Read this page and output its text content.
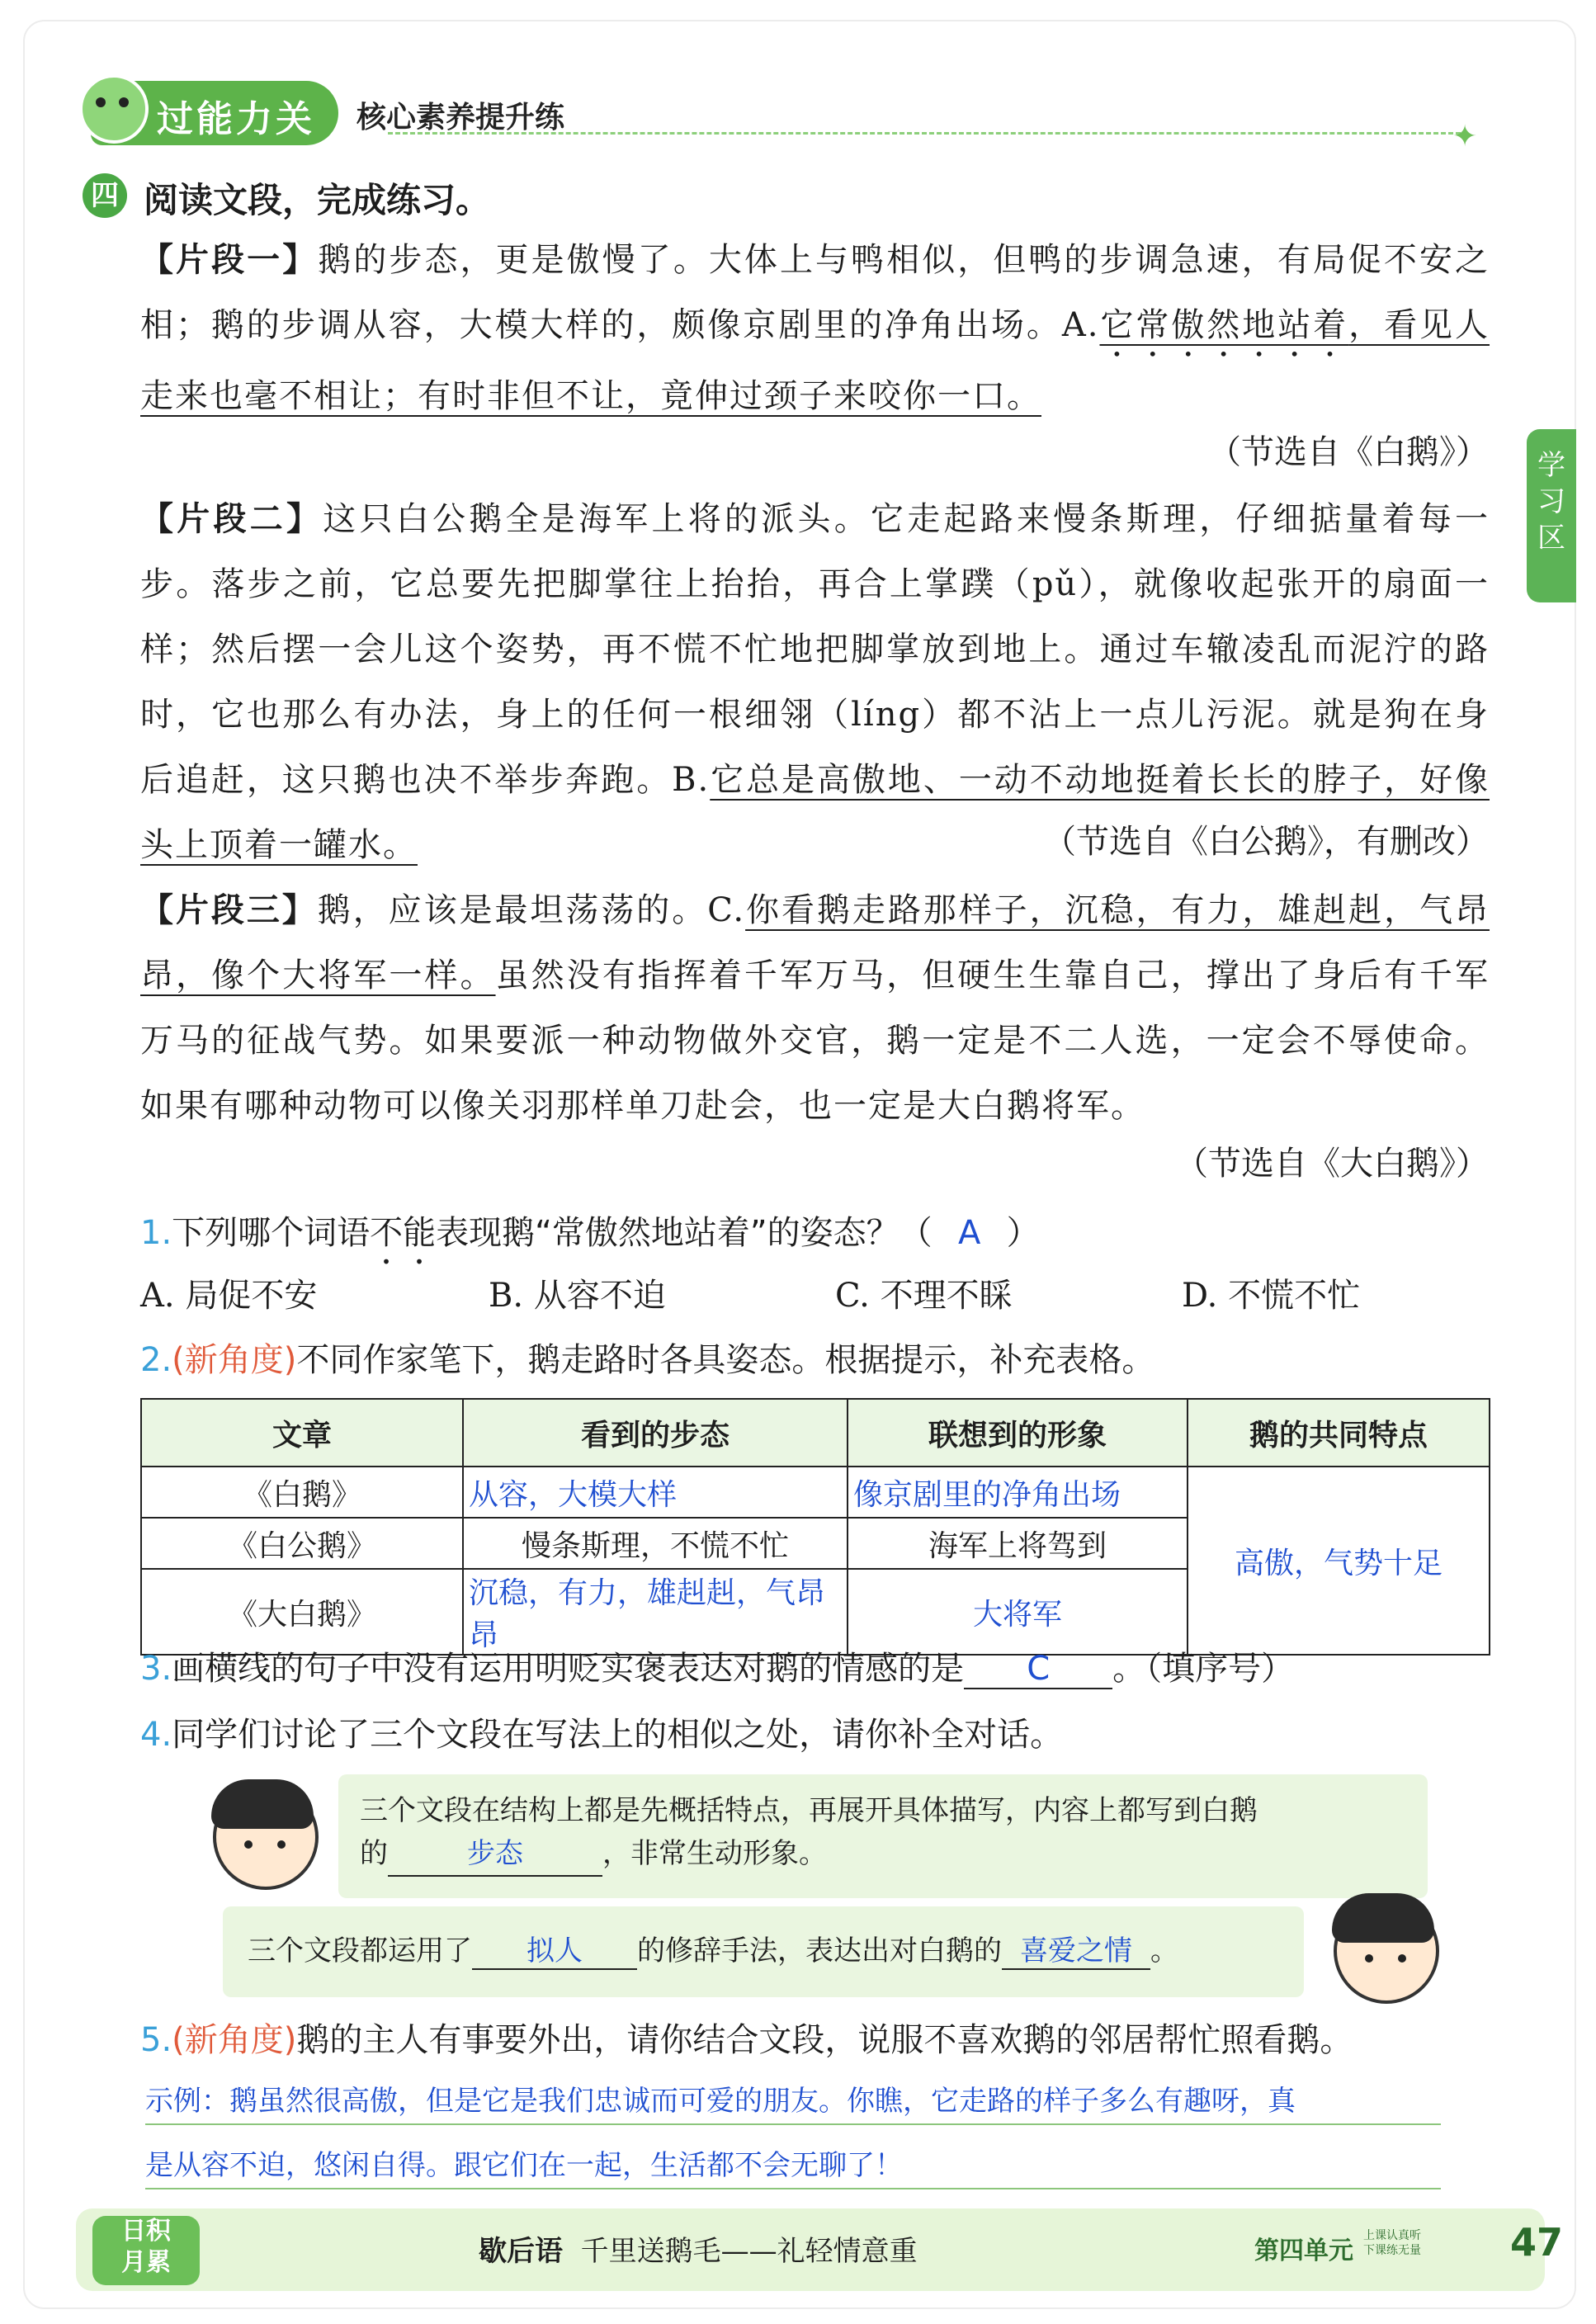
过能力关 核心素养提升练
✦
学习区
四 阅读文段，完成练习。

【片段一】鹅的步态，更是傲慢了。大体上与鸭相似，但鸭的步调急速，有局促不安之相；鹅的步调从容，大模大样的，颇像京剧里的净角出场。A.它常傲然地站着，看见人走来也毫不相让；有时非但不让，竟伸过颈子来咬你一口。

（节选自《白鹅》）

【片段二】这只白公鹅全是海军上将的派头。它走起路来慢条斯理，仔细掂量着每一步。落步之前，它总要先把脚掌往上抬抬，再合上掌蹼（pǔ），就像收起张开的扇面一样；然后摆一会儿这个姿势，再不慌不忙地把脚掌放到地上。通过车辙凌乱而泥泞的路时，它也那么有办法，身上的任何一根细翎（líng）都不沾上一点儿污泥。就是狗在身后追赶，这只鹅也决不举步奔跑。B.它总是高傲地、一动不动地挺着长长的脖子，好像头上顶着一罐水。	（节选自《白公鹅》，有删改）

【片段三】鹅，应该是最坦荡荡的。C.你看鹅走路那样子，沉稳，有力，雄赳赳，气昂昂，像个大将军一样。虽然没有指挥着千军万马，但硬生生靠自己，撑出了身后有千军万马的征战气势。如果要派一种动物做外交官，鹅一定是不二人选，一定会不辱使命。如果有哪种动物可以像关羽那样单刀赴会，也一定是大白鹅将军。

（节选自《大白鹅》）
1.下列哪个词语不能表现鹅“常傲然地站着”的姿态？（ A ）
A. 局促不安	B. 从容不迫	C. 不理不睬	D. 不慌不忙
2.(新角度)不同作家笔下，鹅走路时各具姿态。根据提示，补充表格。
文章	看到的步态	联想到的形象	鹅的共同特点
《白鹅》	从容，大模大样	像京剧里的净角出场	高傲，气势十足
《白公鹅》	慢条斯理，不慌不忙	海军上将驾到	
《大白鹅》	沉稳，有力，雄赳赳，气昂昂	大将军	
3.画横线的句子中没有运用明贬实褒表达对鹅的情感的是 C 。（填序号）
4.同学们讨论了三个文段在写法上的相似之处，请你补全对话。
三个文段在结构上都是先概括特点，再展开具体描写，内容上都写到白鹅
的	步态	，非常生动形象。
三个文段都运用了 拟人 的修辞手法，表达出对白鹅的 喜爱之情 。
5.(新角度)鹅的主人有事要外出，请你结合文段，说服不喜欢鹅的邻居帮忙照看鹅。
示例：鹅虽然很高傲，但是它是我们忠诚而可爱的朋友。你瞧，它走路的样子多么有趣呀，真
是从容不迫，悠闲自得。跟它们在一起，生活都不会无聊了！
日积
月累	歇后语 千里送鹅毛——礼轻情意重	第四单元
上课认真听
下课练无量 47
